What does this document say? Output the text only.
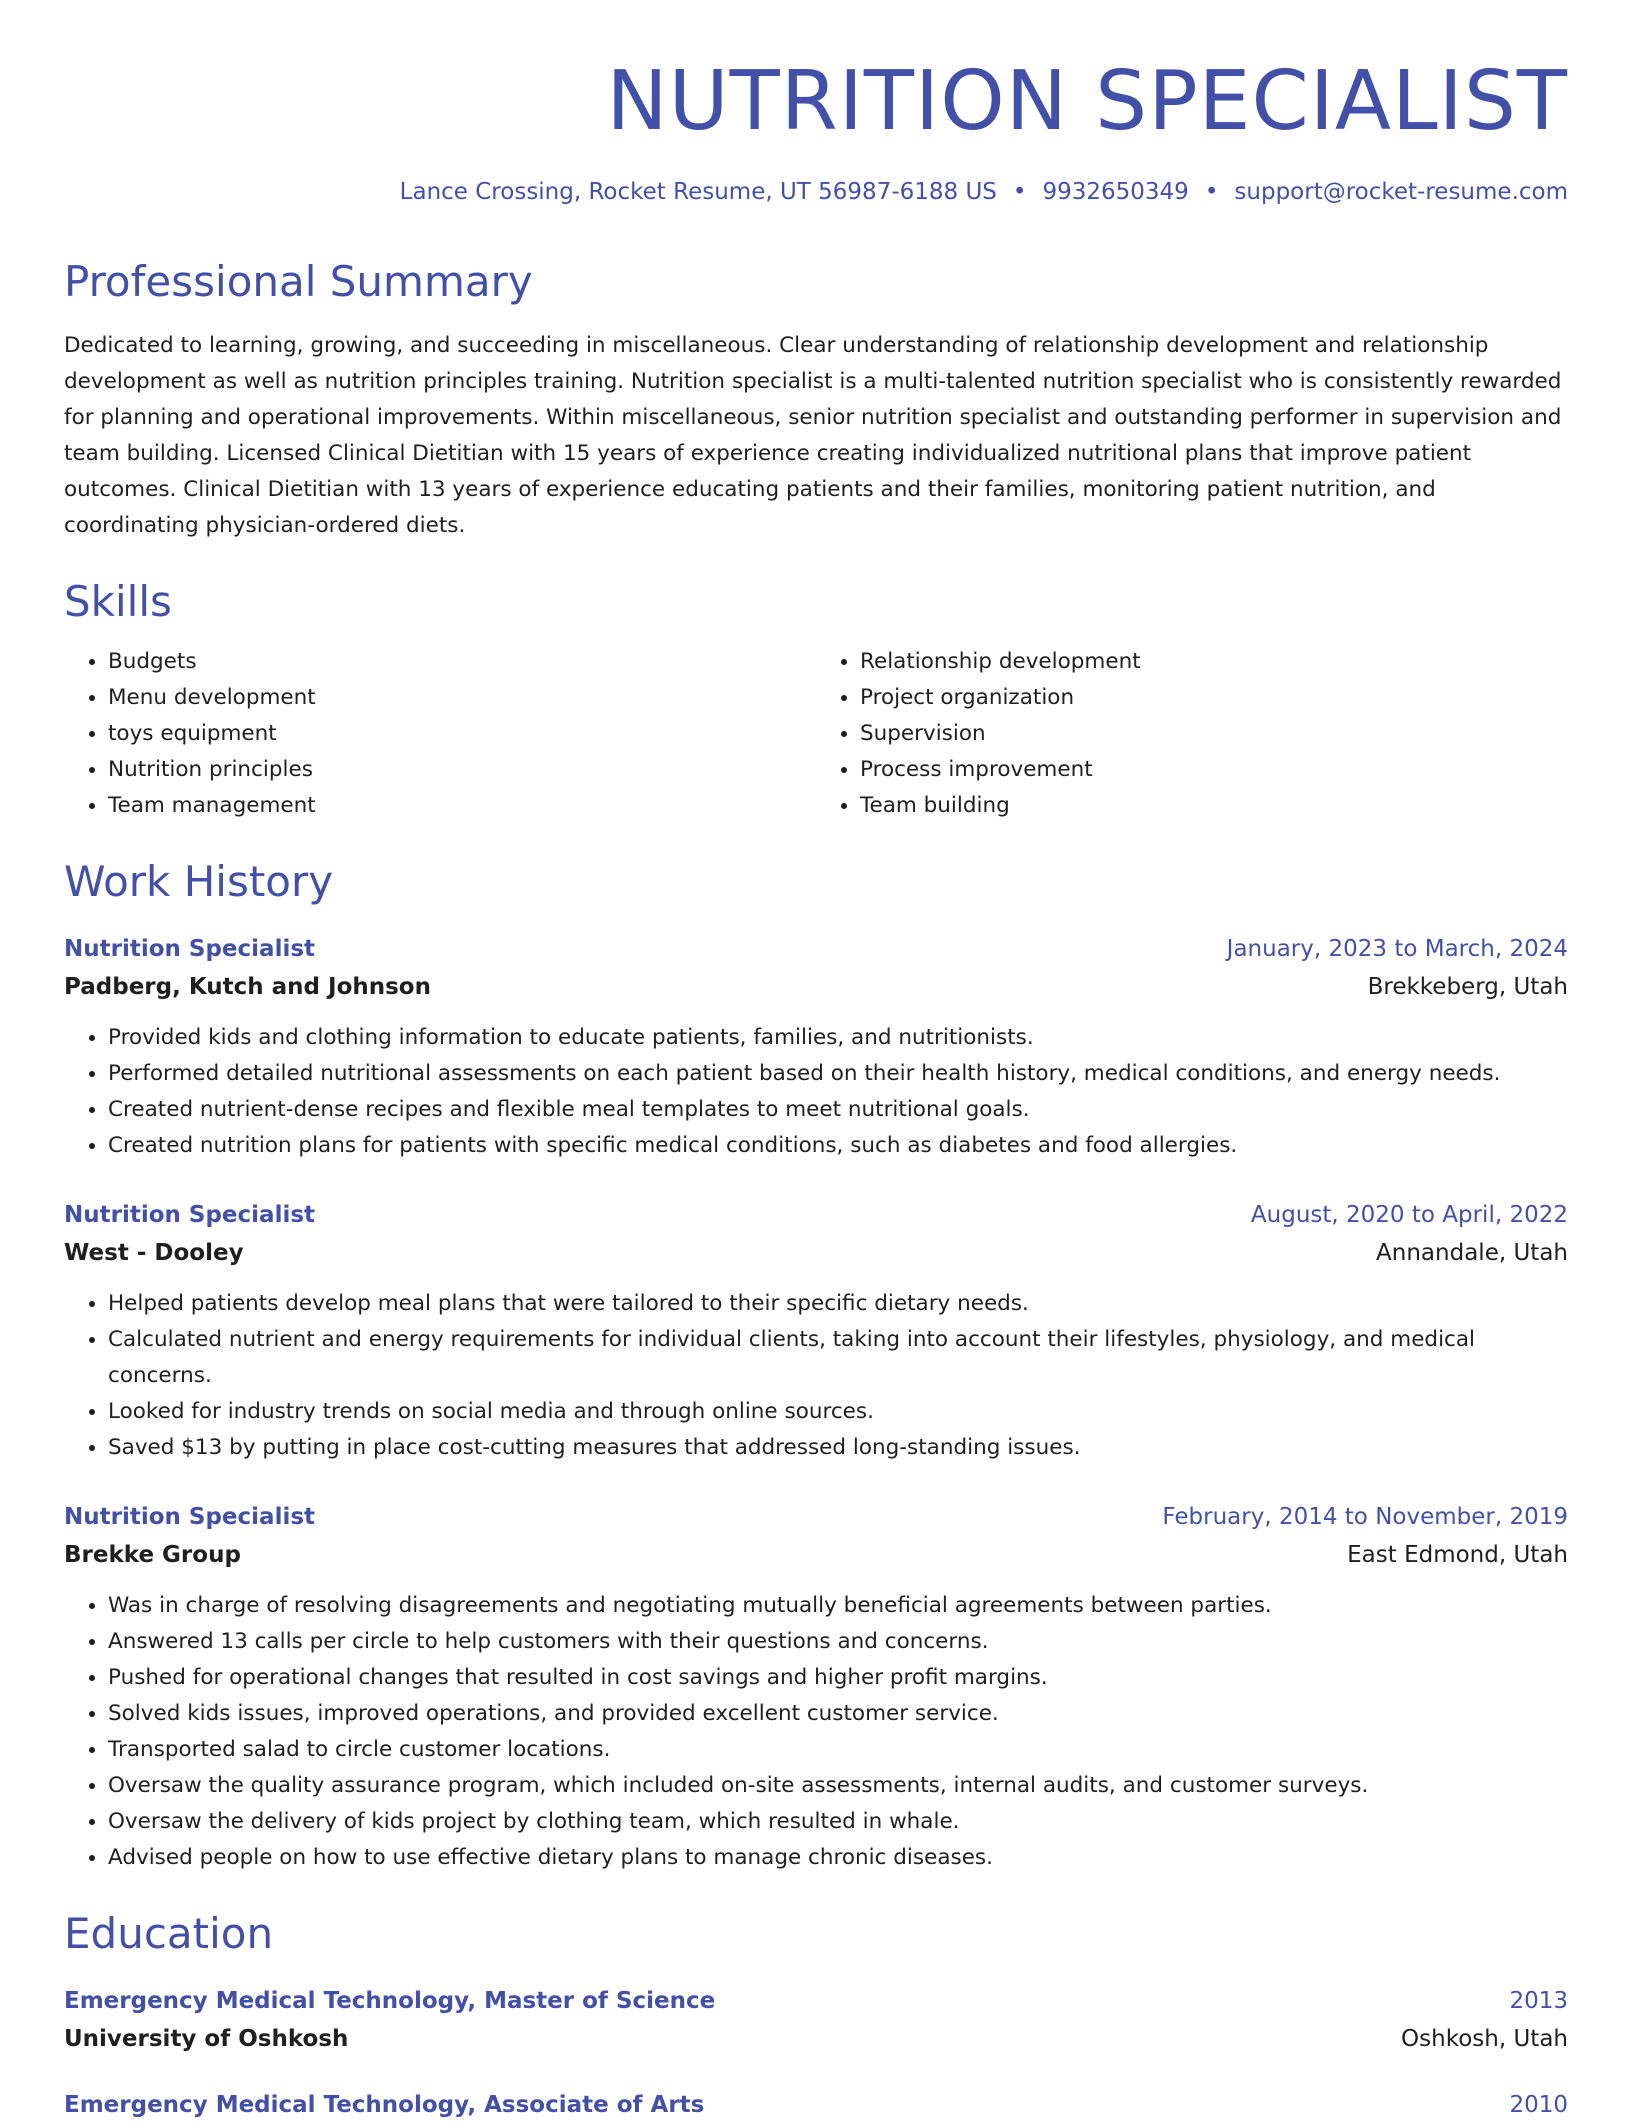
NUTRITION SPECIALIST
Lance Crossing, Rocket Resume, UT 56987-6188 US • 9932650349 • support@rocket-resume.com
Professional Summary

Dedicated to learning, growing, and succeeding in miscellaneous. Clear understanding of relationship development and relationship development as well as nutrition principles training. Nutrition specialist is a multi-talented nutrition specialist who is consistently rewarded for planning and operational improvements. Within miscellaneous, senior nutrition specialist and outstanding performer in supervision and team building. Licensed Clinical Dietitian with 15 years of experience creating individualized nutritional plans that improve patient outcomes. Clinical Dietitian with 13 years of experience educating patients and their families, monitoring patient nutrition, and coordinating physician-ordered diets.

Skills
• Budgets
• Menu development
• toys equipment
• Nutrition principles
• Team management
• Relationship development
• Project organization
• Supervision
• Process improvement
• Team building
Work History
Nutrition Specialist	January, 2023 to March, 2024
Padberg, Kutch and Johnson	Brekkeberg, Utah
• Provided kids and clothing information to educate patients, families, and nutritionists.
• Performed detailed nutritional assessments on each patient based on their health history, medical conditions, and energy needs.
• Created nutrient-dense recipes and flexible meal templates to meet nutritional goals.
• Created nutrition plans for patients with specific medical conditions, such as diabetes and food allergies.
Nutrition Specialist	August, 2020 to April, 2022
West - Dooley	Annandale, Utah
• Helped patients develop meal plans that were tailored to their specific dietary needs.
• Calculated nutrient and energy requirements for individual clients, taking into account their lifestyles, physiology, and medical concerns.
• Looked for industry trends on social media and through online sources.
• Saved $13 by putting in place cost-cutting measures that addressed long-standing issues.
Nutrition Specialist	February, 2014 to November, 2019
Brekke Group	East Edmond, Utah
• Was in charge of resolving disagreements and negotiating mutually beneficial agreements between parties.
• Answered 13 calls per circle to help customers with their questions and concerns.
• Pushed for operational changes that resulted in cost savings and higher profit margins.
• Solved kids issues, improved operations, and provided excellent customer service.
• Transported salad to circle customer locations.
• Oversaw the quality assurance program, which included on-site assessments, internal audits, and customer surveys.
• Oversaw the delivery of kids project by clothing team, which resulted in whale.
• Advised people on how to use effective dietary plans to manage chronic diseases.
Education
Emergency Medical Technology, Master of Science	2013
University of Oshkosh	Oshkosh, Utah
Emergency Medical Technology, Associate of Arts	2010
